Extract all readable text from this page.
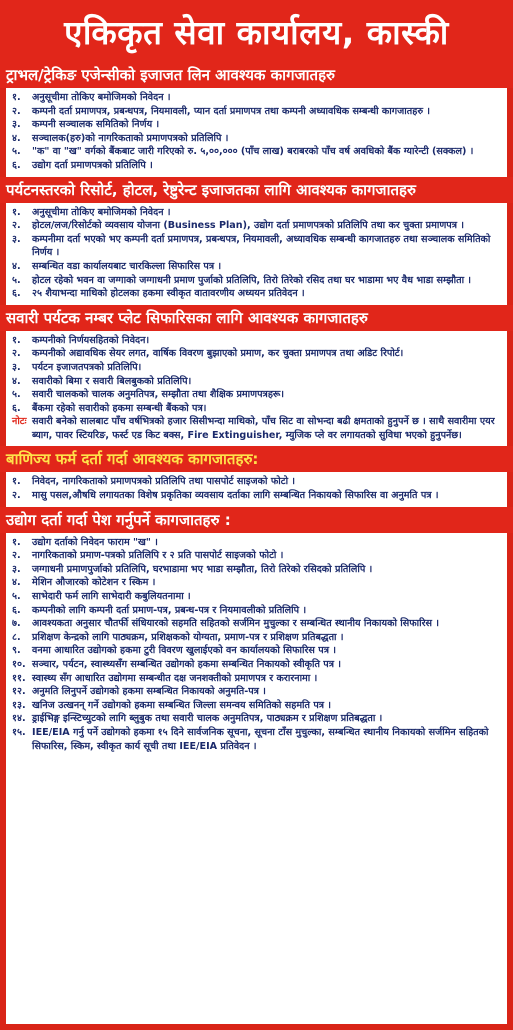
एकिकृत सेवा कार्यालय, कास्की
ट्राभल/ट्रेकिङ एजेन्सीको इजाजत लिन आवश्यक कागजातहरु
१.	अनुसूचीमा तोकिए बमोजिमको निवेदन ।
२.	कम्पनी दर्ता प्रमाणपत्र, प्रबन्धपत्र, नियमावली, प्यान दर्ता प्रमाणपत्र तथा कम्पनी अध्यावधिक सम्बन्धी कागजातहरु ।
३.	कम्पनी सञ्चालक समितिको निर्णय ।
४.	सञ्चालक(हरु)को नागरिकताको प्रमाणपत्रको प्रतिलिपि ।
५.	"क" वा "ख" वर्गको बैंकबाट जारी गरिएको रु. ५,००,००० (पाँच लाख) बराबरको पाँच वर्ष अवधिको बैंक ग्यारेन्टी (सक्कल) ।
६.	उद्योग दर्ता प्रमाणपत्रको प्रतिलिपि ।
पर्यटनस्तरको रिसोर्ट, होटल, रेष्टुरेन्ट इजाजतका लागि आवश्यक कागजातहरु
१.	अनुसूचीमा तोकिए बमोजिमको निवेदन ।
२.	होटल/लज/रिसोर्टको व्यवसाय योजना (Business Plan), उद्योग दर्ता प्रमाणपत्रको प्रतिलिपि तथा कर चुक्ता प्रमाणपत्र ।
३.	कम्पनीमा दर्ता भएको भए कम्पनी दर्ता प्रमाणपत्र, प्रबन्धपत्र, नियमावली, अध्यावधिक सम्बन्धी कागजातहरु तथा सञ्चालक समितिको निर्णय ।
४.	सम्बन्धित वडा कार्यालयबाट चारकिल्ला सिफारिस पत्र ।
५.	होटल रहेको भवन वा जग्गाको जग्गाधनी प्रमाण पुर्जाको प्रतिलिपि, तिरो तिरेको रसिद तथा घर भाडामा भए वैध भाडा सम्झौता ।
६.	२५ शैयाभन्दा माथिको होटलका हकमा स्वीकृत वातावरणीय अध्ययन प्रतिवेदन ।
सवारी पर्यटक नम्बर प्लेट सिफारिसका लागि आवश्यक कागजातहरु
१.	कम्पनीको निर्णयसहितको निवेदन।
२.	कम्पनीको अद्यावधिक सेयर लगत, वार्षिक विवरण बुझाएको प्रमाण, कर चुक्ता प्रमाणपत्र तथा अडिट रिपोर्ट।
३.	पर्यटन इजाजतपत्रको प्रतिलिपि।
४.	सवारीको बिमा र सवारी बिलबुकको प्रतिलिपि।
५.	सवारी चालकको चालक अनुमतिपत्र, सम्झौता तथा शैक्षिक प्रमाणपत्रहरू।
६.	बैंकमा रहेको सवारीको हकमा सम्बन्धी बैंकको पत्र।
नोटः सवारी बनेको सालबाट पाँच वर्षभित्रको हजार सिसीभन्दा माथिको, पाँच सिट वा सोभन्दा बढी क्षमताको हुनुपर्ने छ । साथै सवारीमा एयर ब्याग, पावर स्टियरिङ, फर्स्ट एड किट बक्स, Fire Extinguisher, म्युजिक प्ले वर लगायतको सुविधा भएको हुनुपर्नेछ।
बाणिज्य फर्म दर्ता गर्दा आवश्यक कागजातहरु:
१.	निवेदन, नागरिकताको प्रमाणपत्रको प्रतिलिपि तथा पासपोर्ट साइजको फोटो ।
२.	मासु पसल,औषधि लगायतका विशेष प्रकृतिका व्यवसाय दर्ताका लागि सम्बन्धित निकायको सिफारिस वा अनुमति पत्र ।
उद्योग दर्ता गर्दा पेश गर्नुपर्ने कागजातहरु :
१.	उद्योग दर्ताको निवेदन फाराम "ख" ।
२.	नागरिकताको प्रमाण-पत्रको प्रतिलिपि र २ प्रति पासपोर्ट साइजको फोटो ।
३.	जग्गाधनी प्रमाणपुर्जाको प्रतिलिपि, घरभाडामा भए भाडा सम्झौता, तिरो तिरेको रसिदको प्रतिलिपि ।
४.	मेशिन औजारको कोटेशन र स्किम ।
५.	साभेदारी फर्म लागि साभेदारी कबुलियतनामा ।
६.	कम्पनीको लागि कम्पनी दर्ता प्रमाण-पत्र, प्रबन्ध-पत्र र नियमावलीको प्रतिलिपि ।
७.	आवश्यकता अनुसार चौतर्फी संधियारको सहमति सहितको सर्जमिन मुचुल्का र सम्बन्धित स्थानीय निकायको सिफारिस ।
८.	प्रशिक्षण केन्द्रको लागि पाठ्यक्रम, प्रशिक्षकको योग्यता, प्रमाण-पत्र र प्रशिक्षण प्रतिबद्धता ।
९.	वनमा आधारित उद्योगको हकमा टुरी विवरण खुलाईएको वन कार्यालयको सिफारिस पत्र ।
१०. सञ्चार, पर्यटन, स्वास्थ्यसँग सम्बन्धित उद्योगको हकमा सम्बन्धित निकायको स्वीकृति पत्र ।
११. स्वास्थ्य सँग आधारित उद्योगमा सम्बन्धीत दक्ष जनशक्तीको प्रमाणपत्र र करारनामा ।
१२. अनुमति लिनुपर्ने उद्योगको हकमा सम्बन्धित निकायको अनुमति-पत्र ।
१३. खनिज उत्खनन् गर्ने उद्योगको हकमा सम्बन्धित जिल्ला समन्वय समितिको सहमति पत्र ।
१४. ड्राईभिङ्ग इन्स्टिच्युटको लागि ब्लुबुक तथा सवारी चालक अनुमतिपत्र, पाठ्यक्रम र प्रशिक्षण प्रतिबद्धता ।
१५. IEE/EIA गर्नु पर्ने उद्योगको हकमा १५ दिने सार्वजनिक सूचना, सूचना टाँस मुचुल्का, सम्बन्धित स्थानीय निकायको सर्जमिन सहितको सिफारिस, स्किम, स्वीकृत कार्य सूची तथा IEE/EIA प्रतिवेदन ।
